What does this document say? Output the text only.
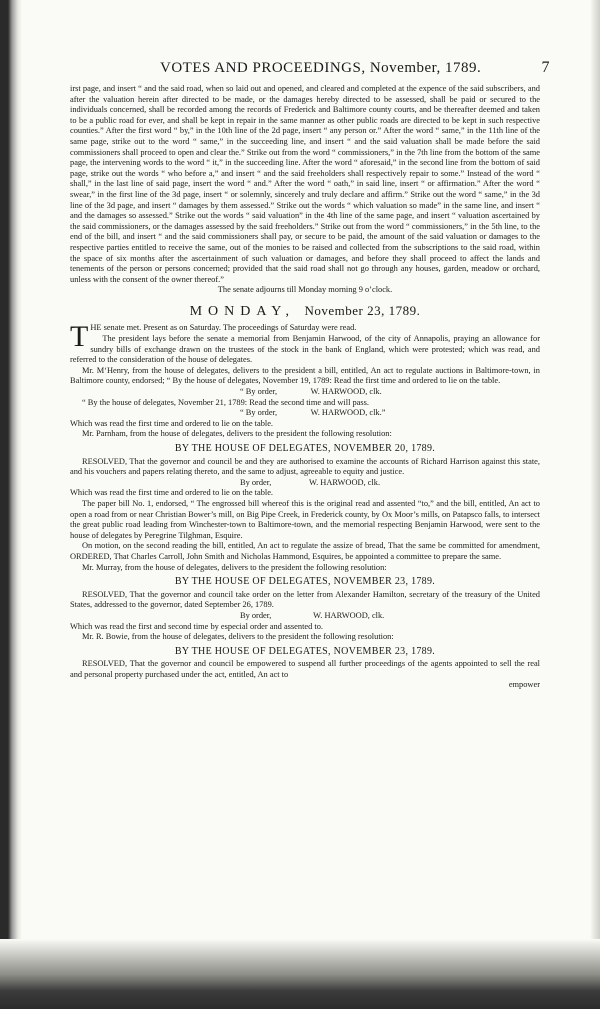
VOTES AND PROCEEDINGS, November, 1789.	7

irst page, and insert “ and the said road, when so laid out and opened, and cleared and completed at the expence of the said subscribers, and after the valuation herein after directed to be made, or the damages hereby directed to be assessed, shall be paid or secured to the individuals concerned, shall be recorded among the records of Frederick and Baltimore county courts, and be thereafter deemed and taken to be a public road for ever, and shall be kept in repair in the same manner as other public roads are directed to be kept in such respective counties.” After the first word “ by,” in the 10th line of the 2d page, insert “ any person or.” After the word “ same,” in the 11th line of the same page, strike out to the word “ same,” in the succeeding line, and insert “ and the said valuation shall be made before the said commissioners shall proceed to open and clear the.” Strike out from the word “ commissioners,” in the 7th line from the bottom of the same page, the intervening words to the word “ it,” in the succeeding line. After the word “ aforesaid,” in the second line from the bottom of said page, strike out the words “ who before a,” and insert “ and the said freeholders shall respectively repair to some.” Instead of the word “ shall,” in the last line of said page, insert the word “ and.” After the word “ oath,” in said line, insert “ or affirmation.” After the word “ swear,” in the first line of the 3d page, insert “ or solemnly, sincerely and truly declare and affirm.” Strike out the word “ same,” in the 3d line of the 3d page, and insert “ damages by them assessed.” Strike out the words “ which valuation so made” in the same line, and insert “ and the damages so assessed.” Strike out the words “ said valuation” in the 4th line of the same page, and insert “ valuation ascertained by the said commissioners, or the damages assessed by the said freeholders.” Strike out from the word “ commissioners,” in the 5th line, to the end of the bill, and insert “ and the said commissioners shall pay, or secure to be paid, the amount of the said valuation or damages to the respective parties entitled to receive the same, out of the monies to be raised and collected from the subscriptions to the said road, within the space of six months after the ascertainment of such valuation or damages, and before they shall proceed to affect the lands and tenements of the person or persons concerned; provided that the said road shall not go through any houses, garden, meadow or orchard, unless with the consent of the owner thereof.”

The senate adjourns till Monday morning 9 o’clock.

MONDAY, November 23, 1789.

THE senate met. Present as on Saturday. The proceedings of Saturday were read.

The president lays before the senate a memorial from Benjamin Harwood, of the city of Annapolis, praying an allowance for sundry bills of exchange drawn on the trustees of the stock in the bank of England, which were protested; which was read, and referred to the consideration of the house of delegates.

Mr. M‘Henry, from the house of delegates, delivers to the president a bill, entitled, An act to regulate auctions in Baltimore-town, in Baltimore county, endorsed; “ By the house of delegates, November 19, 1789: Read the first time and ordered to lie on the table.

“ By order,	W. HARWOOD, clk.

“ By the house of delegates, November 21, 1789: Read the second time and will pass.

“ By order,	W. HARWOOD, clk.”

Which was read the first time and ordered to lie on the table.

Mr. Parnham, from the house of delegates, delivers to the president the following resolution:

BY THE HOUSE OF DELEGATES, NOVEMBER 20, 1789.

RESOLVED, That the governor and council be and they are authorised to examine the accounts of Richard Harrison against this state, and his vouchers and papers relating thereto, and the same to adjust, agreeable to equity and justice.

By order,	W. HARWOOD, clk.

Which was read the first time and ordered to lie on the table.

The paper bill No. 1, endorsed, “ The engrossed bill whereof this is the original read and assented “to,” and the bill, entitled, An act to open a road from or near Christian Bower’s mill, on Big Pipe Creek, in Frederick county, by Ox Moor’s mills, on Patapsco falls, to intersect the great public road leading from Winchester-town to Baltimore-town, and the memorial respecting Benjamin Harwood, were sent to the house of delegates by Peregrine Tilghman, Esquire.

On motion, on the second reading the bill, entitled, An act to regulate the assize of bread, That the same be committed for amendment, ORDERED, That Charles Carroll, John Smith and Nicholas Hammond, Esquires, be appointed a committee to prepare the same.

Mr. Murray, from the house of delegates, delivers to the president the following resolution:

BY THE HOUSE OF DELEGATES, NOVEMBER 23, 1789.

RESOLVED, That the governor and council take order on the letter from Alexander Hamilton, secretary of the treasury of the United States, addressed to the governor, dated September 26, 1789.

By order,	W. HARWOOD, clk.

Which was read the first and second time by especial order and assented to.

Mr. R. Bowie, from the house of delegates, delivers to the president the following resolution:

BY THE HOUSE OF DELEGATES, NOVEMBER 23, 1789.

RESOLVED, That the governor and council be empowered to suspend all further proceedings of the agents appointed to sell the real and personal property purchased under the act, entitled, An act to

empower
